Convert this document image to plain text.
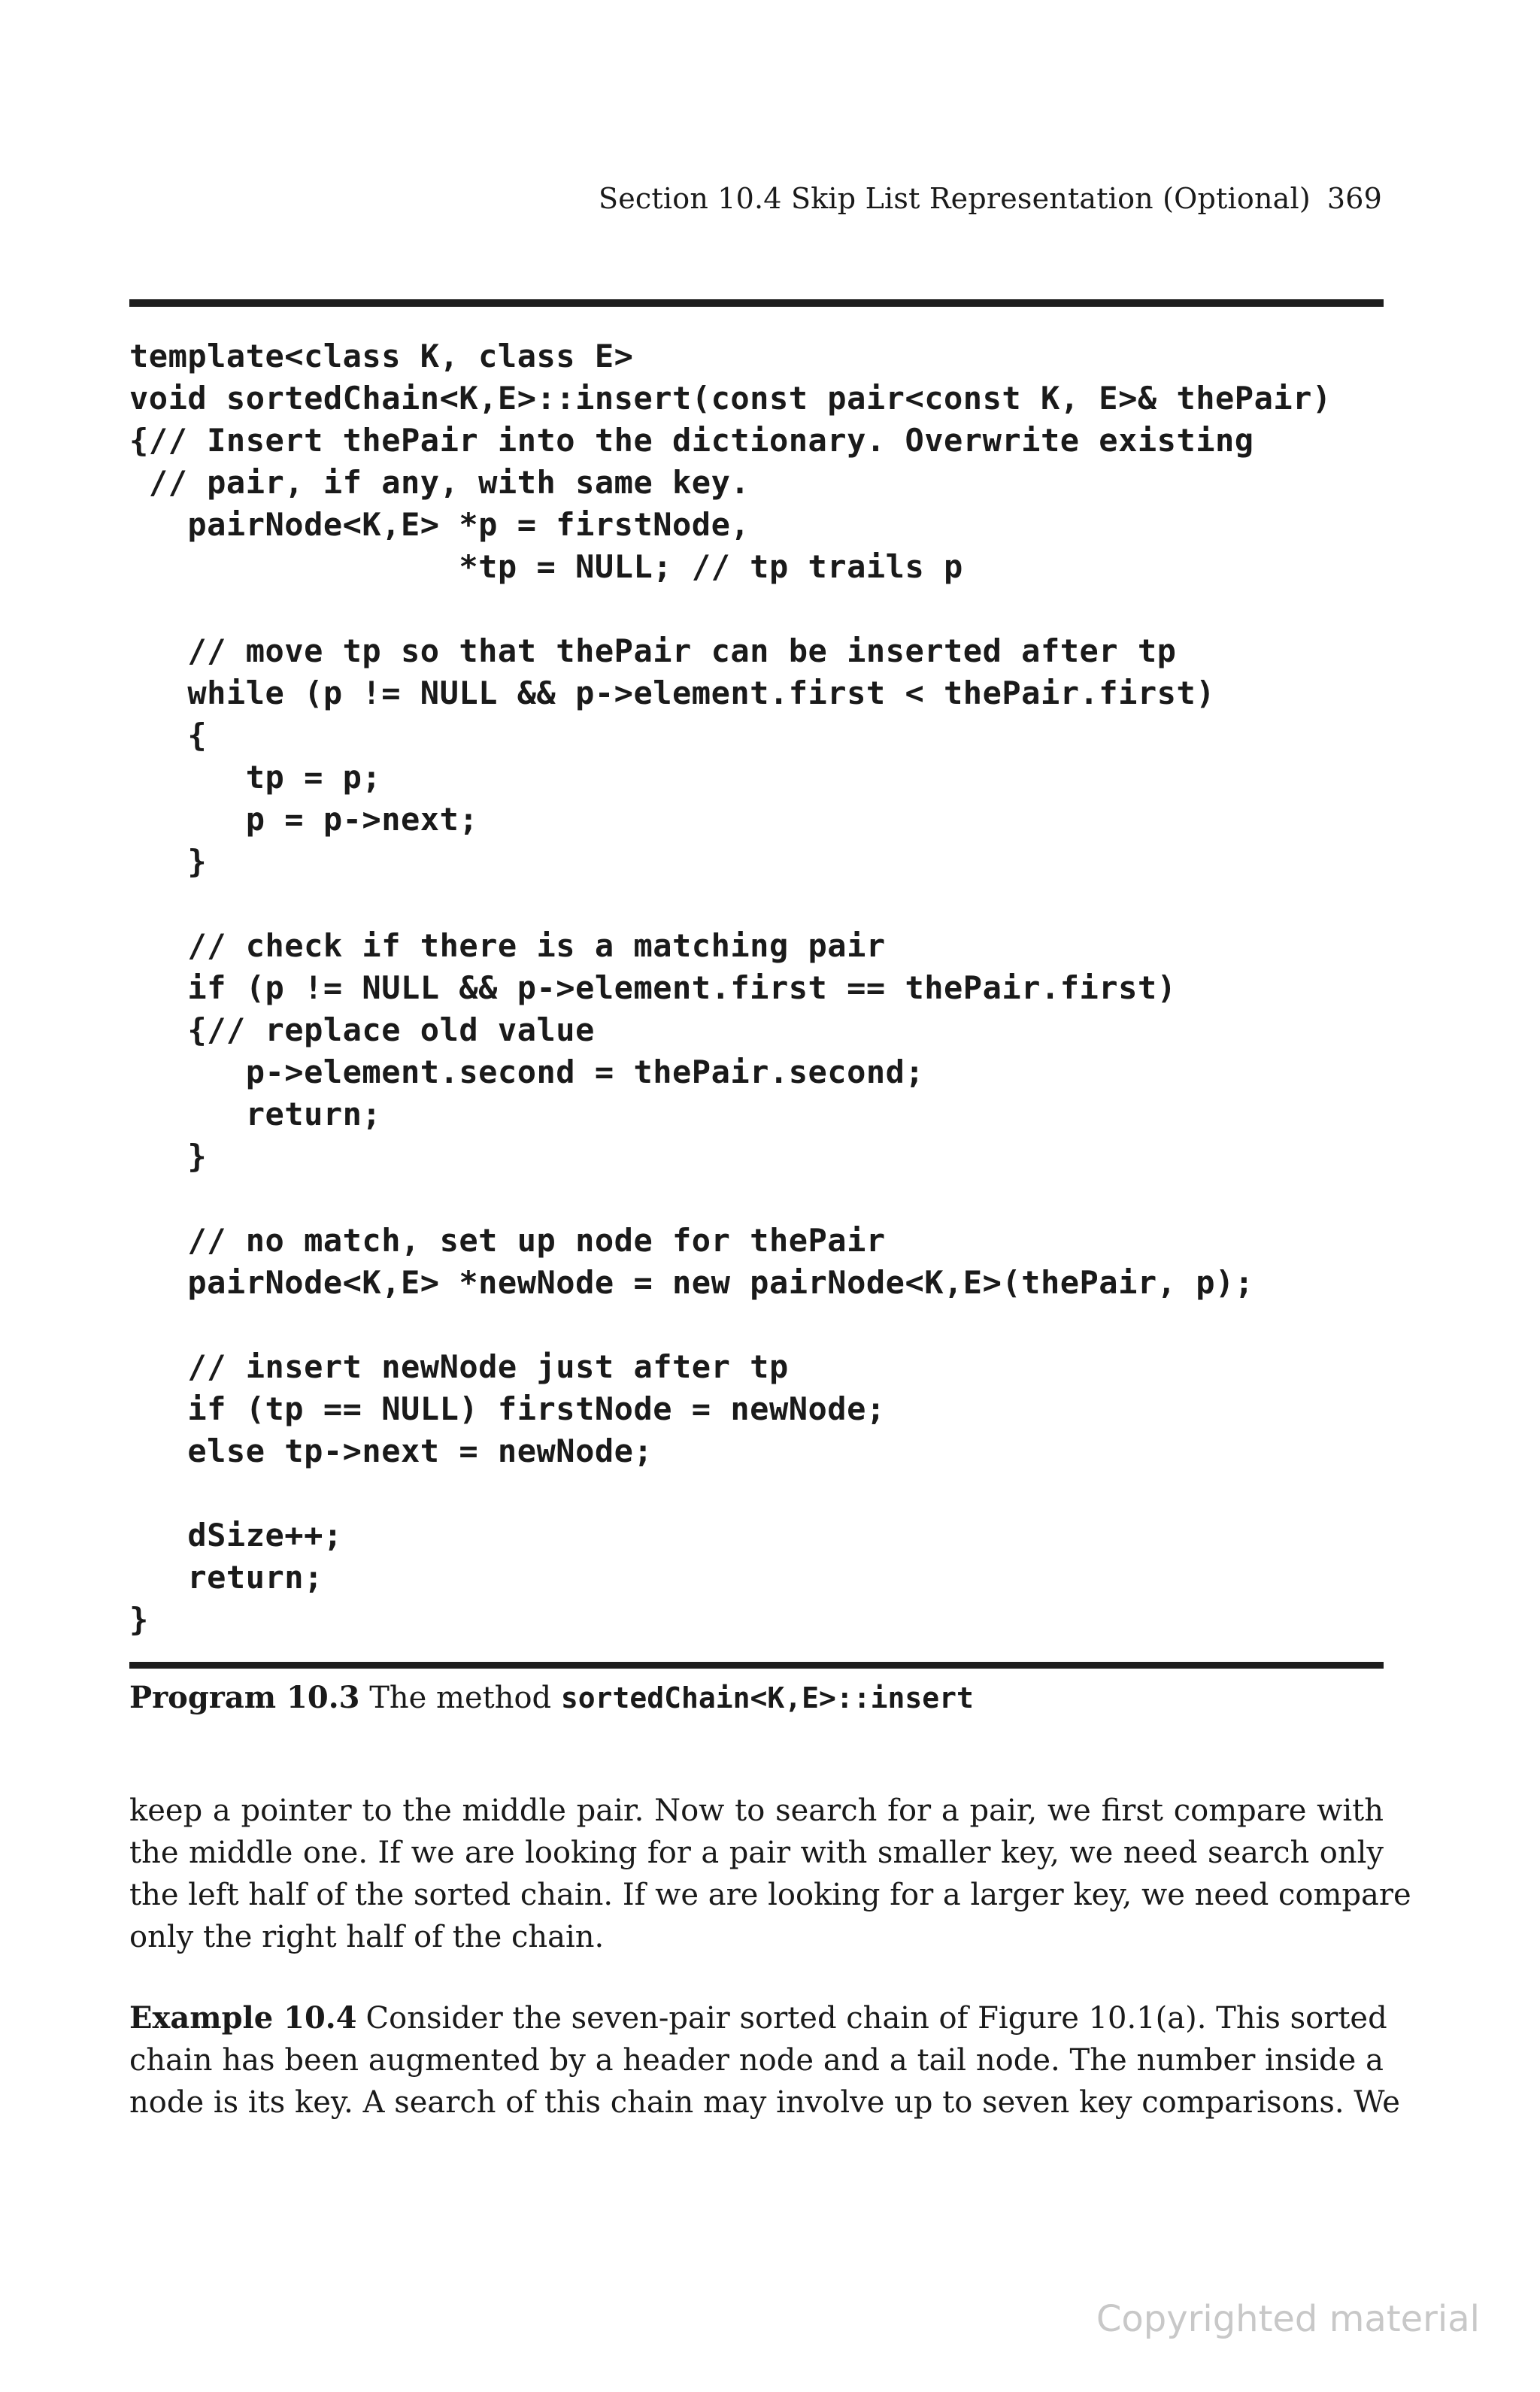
Section 10.4 Skip List Representation (Optional) 369
template<class K, class E>
void sortedChain<K,E>::insert(const pair<const K, E>& thePair)
{// Insert thePair into the dictionary. Overwrite existing
// pair, if any, with same key.
pairNode<K,E> *p = firstNode,
*tp = NULL; // tp trails p

// move tp so that thePair can be inserted after tp
while (p != NULL && p->element.first < thePair.first)
{
tp = p;
p = p->next;
}

// check if there is a matching pair
if (p != NULL && p->element.first == thePair.first)
{// replace old value
p->element.second = thePair.second;
return;
}

// no match, set up node for thePair
pairNode<K,E> *newNode = new pairNode<K,E>(thePair, p);

// insert newNode just after tp
if (tp == NULL) firstNode = newNode;
else tp->next = newNode;

dSize++;
return;
}
Program 10.3 The method sortedChain<K,E>::insert
keep a pointer to the middle pair. Now to search for a pair, we first compare with
the middle one. If we are looking for a pair with smaller key, we need search only
the left half of the sorted chain. If we are looking for a larger key, we need compare
only the right half of the chain.
Example 10.4 Consider the seven-pair sorted chain of Figure 10.1(a). This sorted
chain has been augmented by a header node and a tail node. The number inside a
node is its key. A search of this chain may involve up to seven key comparisons. We
Copyrighted material
